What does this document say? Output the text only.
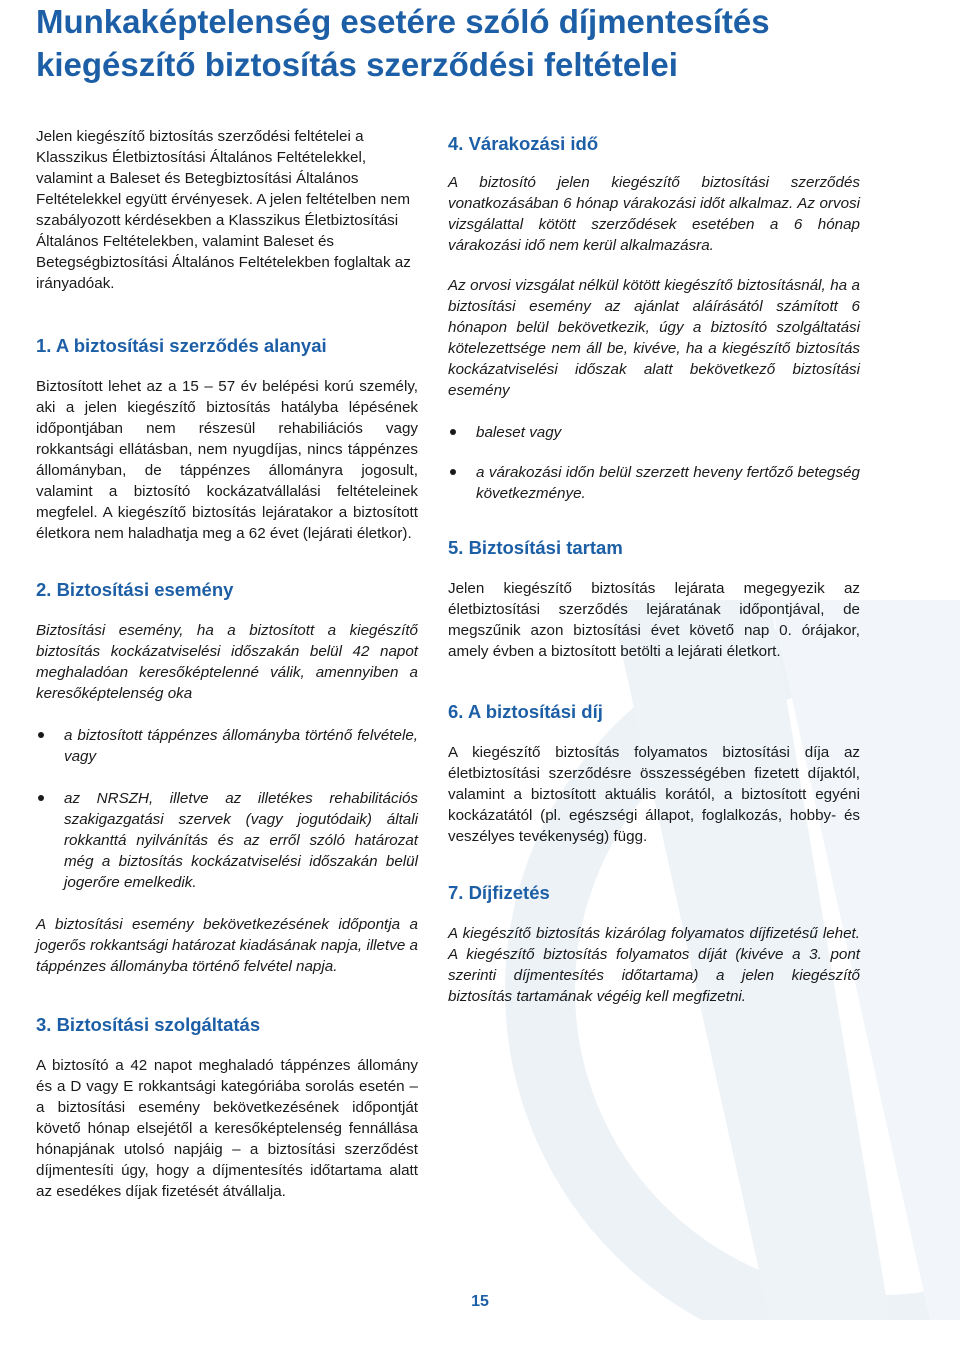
Munkaképtelenség esetére szóló díjmentesítés
kiegészítő biztosítás szerződési feltételei

Jelen kiegészítő biztosítás szerződési feltételei a Klasszikus Életbiztosítási Általános Feltételekkel, valamint a Baleset és Betegbiztosítási Általános Feltételekkel együtt érvényesek. A jelen feltételben nem szabályozott kérdésekben a Klasszikus Életbiztosítási Általános Feltételekben, valamint Baleset és Betegségbiztosítási Általános Feltételekben foglaltak az irányadóak.

1. A biztosítási szerződés alanyai

Biztosított lehet az a 15 – 57 év belépési korú személy, aki a jelen kiegészítő biztosítás hatályba lépésének időpontjában nem részesül rehabiliációs vagy rokkantsági ellátásban, nem nyugdíjas, nincs táppénzes állományban, de táppénzes állományra jogosult, valamint a biztosító kockázatvállalási feltételeinek megfelel. A kiegészítő biztosítás lejáratakor a biztosított életkora nem haladhatja meg a 62 évet (lejárati életkor).

2. Biztosítási esemény

Biztosítási esemény, ha a biztosított a kiegészítő biztosítás kockázatviselési időszakán belül 42 napot meghaladóan keresőképtelenné válik, amennyiben a keresőképtelenség oka

a biztosított táppénzes állományba történő felvétele, vagy
az NRSZH, illetve az illetékes rehabilitációs szakigazgatási szervek (vagy jogutódaik) általi rokkanttá nyilvánítás és az erről szóló határozat még a biztosítás kockázatviselési időszakán belül jogerőre emelkedik.

A biztosítási esemény bekövetkezésének időpontja a jogerős rokkantsági határozat kiadásának napja, illetve a táppénzes állományba történő felvétel napja.

3. Biztosítási szolgáltatás

A biztosító a 42 napot meghaladó táppénzes állomány és a D vagy E rokkantsági kategóriába sorolás esetén – a biztosítási esemény bekövetkezésének időpontját követő hónap elsejétől a keresőképtelenség fennállása hónapjának utolsó napjáig – a biztosítási szerződést díjmentesíti úgy, hogy a díjmentesítés időtartama alatt az esedékes díjak fizetését átvállalja.

4. Várakozási idő

A biztosító jelen kiegészítő biztosítási szerződés vonatkozásában 6 hónap várakozási időt alkalmaz. Az orvosi vizsgálattal kötött szerződések esetében a 6 hónap várakozási idő nem kerül alkalmazásra.

Az orvosi vizsgálat nélkül kötött kiegészítő biztosításnál, ha a biztosítási esemény az ajánlat aláírásától számított 6 hónapon belül bekövetkezik, úgy a biztosító szolgáltatási kötelezettsége nem áll be, kivéve, ha a kiegészítő biztosítás kockázatviselési időszak alatt bekövetkező biztosítási esemény

baleset vagy
a várakozási időn belül szerzett heveny fertőző betegség következménye.
5. Biztosítási tartam

Jelen kiegészítő biztosítás lejárata megegyezik az életbiztosítási szerződés lejáratának időpontjával, de megszűnik azon biztosítási évet követő nap 0. órájakor, amely évben a biztosított betölti a lejárati életkort.

6. A biztosítási díj

A kiegészítő biztosítás folyamatos biztosítási díja az életbiztosítási szerződésre összességében fizetett díjaktól, valamint a biztosított aktuális korától, a biztosított egyéni kockázatától (pl. egészségi állapot, foglalkozás, hobby- és veszélyes tevékenység) függ.

7. Díjfizetés

A kiegészítő biztosítás kizárólag folyamatos díjfizetésű lehet. A kiegészítő biztosítás folyamatos díját (kivéve a 3. pont szerinti díjmentesítés időtartama) a jelen kiegészítő biztosítás tartamának végéig kell megfizetni.

15
